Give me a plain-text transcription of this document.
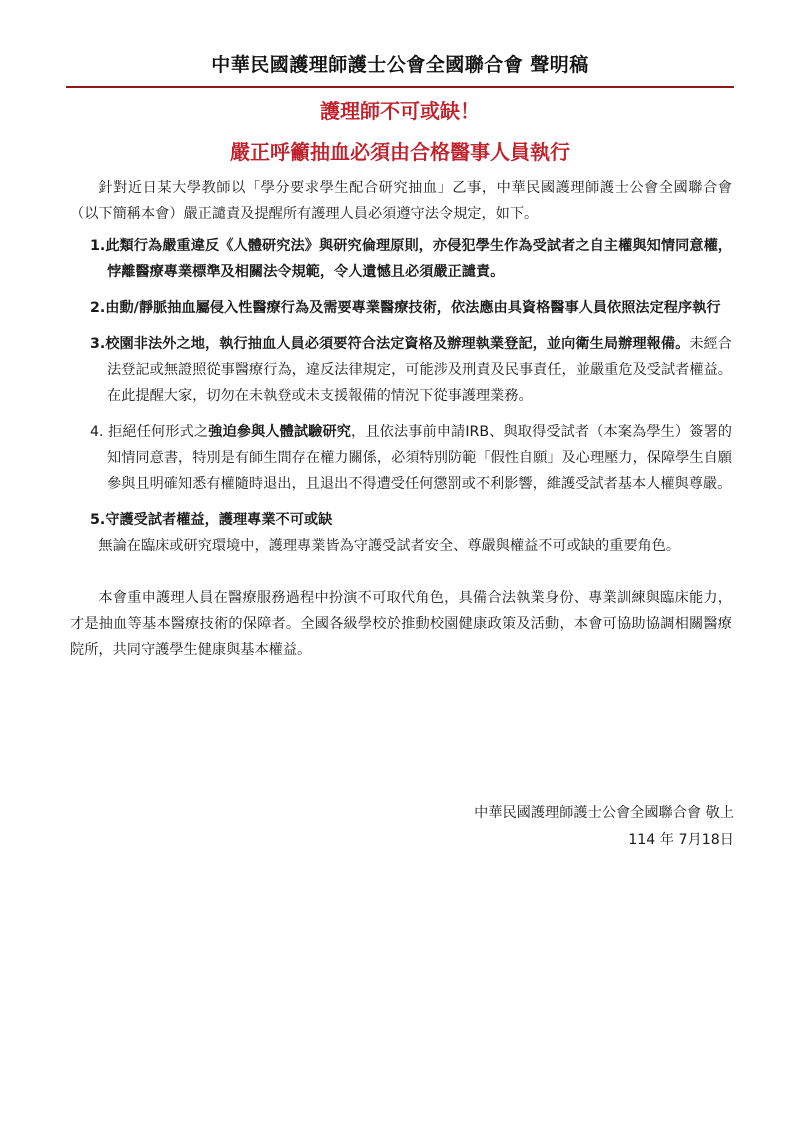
中華民國護理師護士公會全國聯合會 聲明稿
護理師不可或缺！
嚴正呼籲抽血必須由合格醫事人員執行

針對近日某大學教師以「學分要求學生配合研究抽血」乙事，中華民國護理師護士公會全國聯合會（以下簡稱本會）嚴正譴責及提醒所有護理人員必須遵守法令規定，如下。

1.此類行為嚴重違反《人體研究法》與研究倫理原則，亦侵犯學生作為受試者之自主權與知情同意權，悖離醫療專業標準及相關法令規範，令人遺憾且必須嚴正譴責。

2.由動/靜脈抽血屬侵入性醫療行為及需要專業醫療技術，依法應由具資格醫事人員依照法定程序執行

3.校園非法外之地，執行抽血人員必須要符合法定資格及辦理執業登記，並向衛生局辦理報備。未經合法登記或無證照從事醫療行為，違反法律規定，可能涉及刑責及民事責任，並嚴重危及受試者權益。在此提醒大家，切勿在未執登或未支援報備的情況下從事護理業務。

4. 拒絕任何形式之強迫參與人體試驗研究，且依法事前申請IRB、與取得受試者（本案為學生）簽署的知情同意書，特別是有師生間存在權力關係，必須特別防範「假性自願」及心理壓力，保障學生自願參與且明確知悉有權隨時退出，且退出不得遭受任何懲罰或不利影響，維護受試者基本人權與尊嚴。

5.守護受試者權益，護理專業不可或缺

無論在臨床或研究環境中，護理專業皆為守護受試者安全、尊嚴與權益不可或缺的重要角色。

本會重申護理人員在醫療服務過程中扮演不可取代角色，具備合法執業身份、專業訓練與臨床能力，才是抽血等基本醫療技術的保障者。全國各級學校於推動校園健康政策及活動，本會可協助協調相關醫療院所，共同守護學生健康與基本權益。

中華民國護理師護士公會全國聯合會 敬上
114 年 7月18日
